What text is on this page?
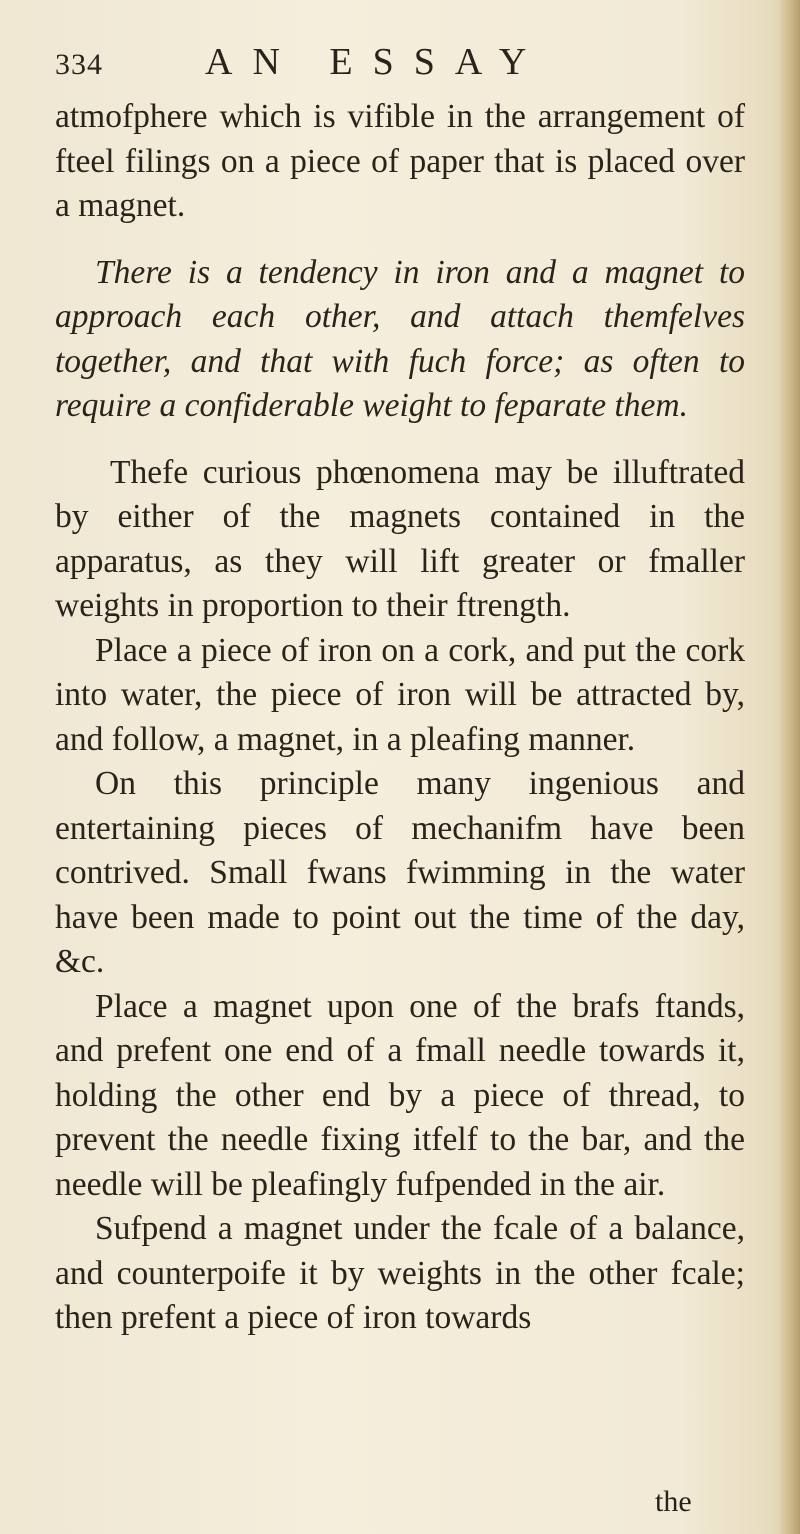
334	AN ESSAY

atmofphere which is vifible in the arrangement of fteel filings on a piece of paper that is placed over a magnet.

There is a tendency in iron and a magnet to approach each other, and attach themfelves together, and that with fuch force; as often to require a confiderable weight to feparate them.

Thefe curious phœnomena may be illuftrated by either of the magnets contained in the apparatus, as they will lift greater or fmaller weights in proportion to their ftrength.

Place a piece of iron on a cork, and put the cork into water, the piece of iron will be attracted by, and follow, a magnet, in a pleafing manner.

On this principle many ingenious and entertaining pieces of mechanifm have been contrived. Small fwans fwimming in the water have been made to point out the time of the day, &c.

Place a magnet upon one of the brafs ftands, and prefent one end of a fmall needle towards it, holding the other end by a piece of thread, to prevent the needle fixing itfelf to the bar, and the needle will be pleafingly fufpended in the air.

Sufpend a magnet under the fcale of a balance, and counterpoife it by weights in the other fcale; then prefent a piece of iron towards

the
